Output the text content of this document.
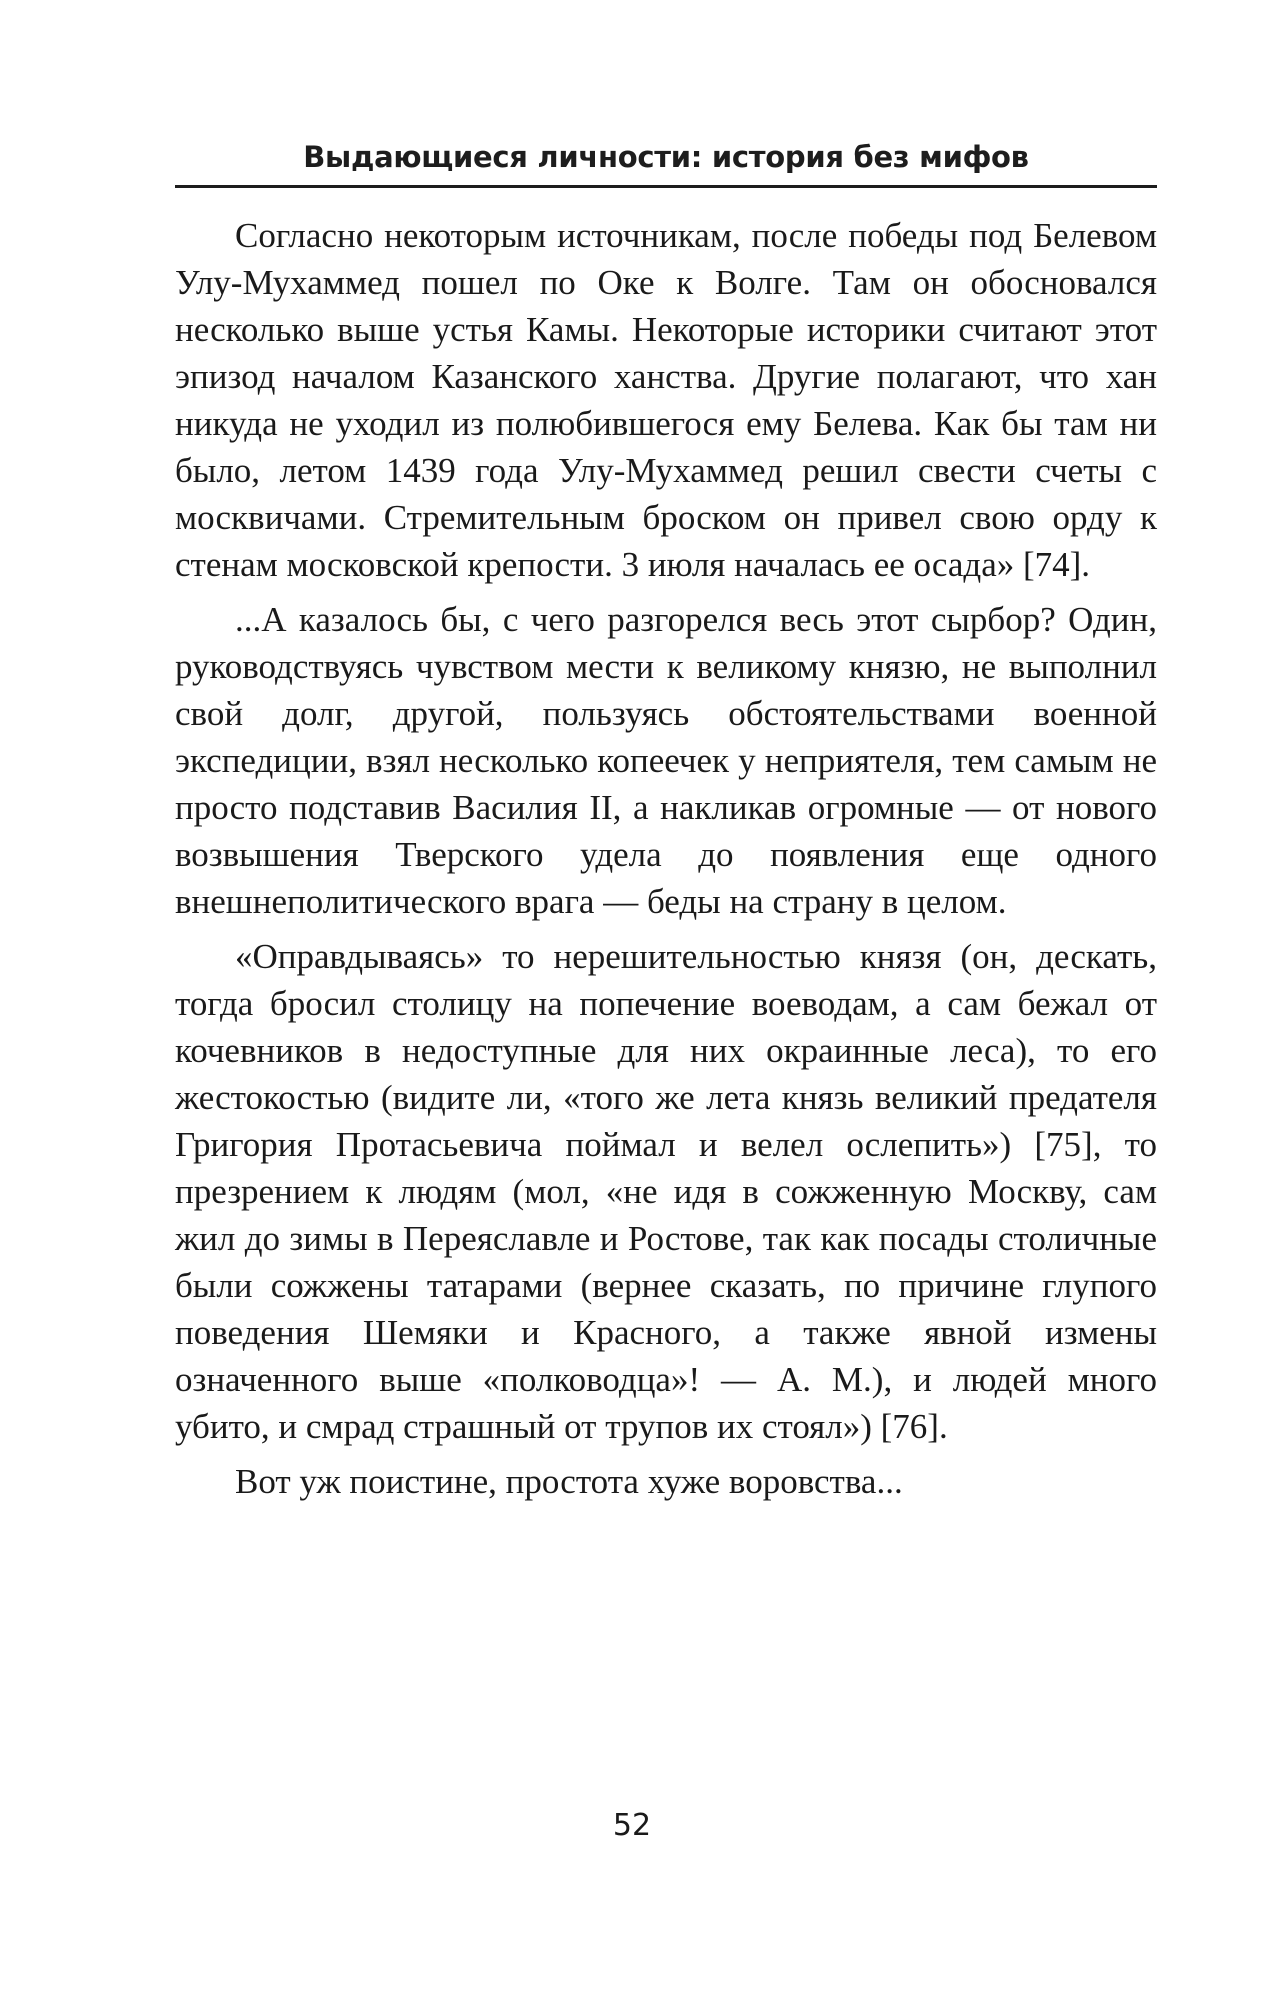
Выдающиеся личности: история без мифов

Согласно некоторым источникам, после победы под Белевом Улу-Мухаммед пошел по Оке к Волге. Там он обосновался несколько выше устья Камы. Некоторые историки считают этот эпизод началом Казанского ханства. Другие полагают, что хан никуда не уходил из полюбившегося ему Белева. Как бы там ни было, летом 1439 года Улу-Мухаммед решил свести счеты с москвичами. Стремительным броском он привел свою орду к стенам московской крепости. 3 июля началась ее осада» [74].

...А казалось бы, с чего разгорелся весь этот сырбор? Один, руководствуясь чувством мести к великому князю, не выполнил свой долг, другой, пользуясь обстоятельствами военной экспедиции, взял несколько копеечек у неприятеля, тем самым не просто подставив Василия II, а накликав огромные — от нового возвышения Тверского удела до появления еще одного внешнеполитического врага — беды на страну в целом.

«Оправдываясь» то нерешительностью князя (он, дескать, тогда бросил столицу на попечение воеводам, а сам бежал от кочевников в недоступные для них окраинные леса), то его жестокостью (видите ли, «того же лета князь великий предателя Григория Протасьевича поймал и велел ослепить») [75], то презрением к людям (мол, «не идя в сожженную Москву, сам жил до зимы в Переяславле и Ростове, так как посады столичные были сожжены татарами (вернее сказать, по причине глупого поведения Шемяки и Красного, а также явной измены означенного выше «полководца»! — А. М.), и людей много убито, и смрад страшный от трупов их стоял») [76].

Вот уж поистине, простота хуже воровства...

52
